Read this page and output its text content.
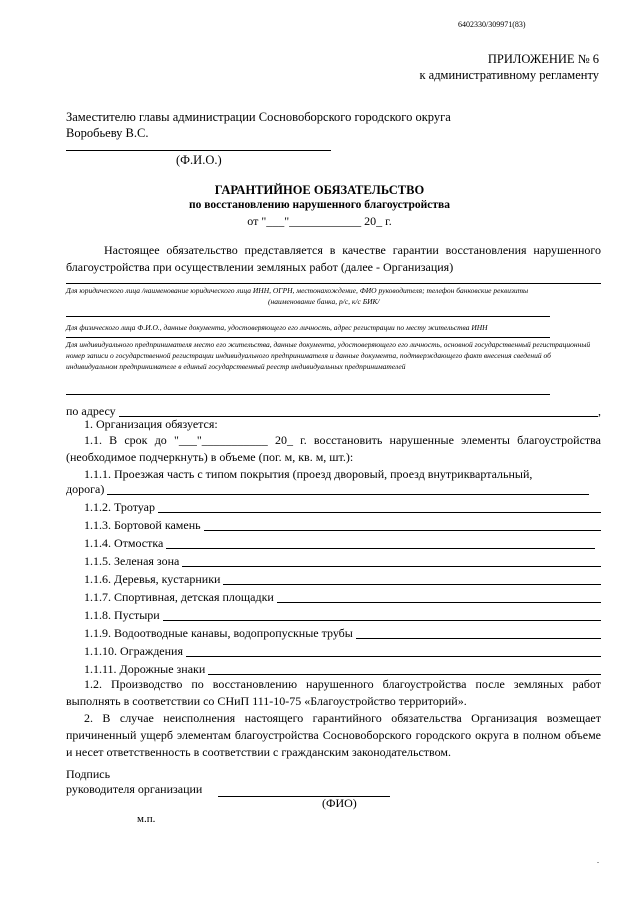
6402330/309971(83)
ПРИЛОЖЕНИЕ № 6
к административному регламенту
Заместителю главы администрации Сосновоборского городского округа
Воробьеву В.С.
(Ф.И.О.)
ГАРАНТИЙНОЕ ОБЯЗАТЕЛЬСТВО
по восстановлению нарушенного благоустройства
от "___"____________ 20_ г.
Настоящее обязательство представляется в качестве гарантии восстановления нарушенного благоустройства при осуществлении земляных работ (далее - Организация)
Для юридического лица /наименование юридического лица ИНН, ОГРН, местонахождение, ФИО руководителя; телефон банковские реквизиты
(наименование банка, р/с, к/с БИК/
Для физического лица Ф.И.О., данные документа, удостоверяющего его личность, адрес регистрации по месту жительства ИНН
Для индивидуального предпринимателя место его жительства, данные документа, удостоверяющего его личность, основной государственный регистрационный номер записи о государственной регистрации индивидуального предпринимателя и данные документа, подтверждающего факт внесения сведений об индивидуальном предпринимателе в единый государственный реестр индивидуальных предпринимателей
по адресу	,
1. Организация обязуется:
1.1. В срок до "___"___________ 20_ г. восстановить нарушенные элементы благоустройства (необходимое подчеркнуть) в объеме (пог. м, кв. м, шт.):
1.1.1. Проезжая часть с типом покрытия (проезд дворовый, проезд внутриквартальный,
дорога)
1.1.2. Тротуар
1.1.3. Бортовой камень
1.1.4. Отмостка
1.1.5. Зеленая зона
1.1.6. Деревья, кустарники
1.1.7. Спортивная, детская площадки
1.1.8. Пустыри
1.1.9. Водоотводные канавы, водопропускные трубы
1.1.10. Ограждения
1.1.11. Дорожные знаки
1.2. Производство по восстановлению нарушенного благоустройства после земляных работ выполнять в соответствии со СНиП 111-10-75 «Благоустройство территорий».
2. В случае неисполнения настоящего гарантийного обязательства Организация возмещает причиненный ущерб элементам благоустройства Сосновоборского городского округа в полном объеме и несет ответственность в соответствии с гражданским законодательством.
Подпись
руководителя организации
(ФИО)
м.п.
.
